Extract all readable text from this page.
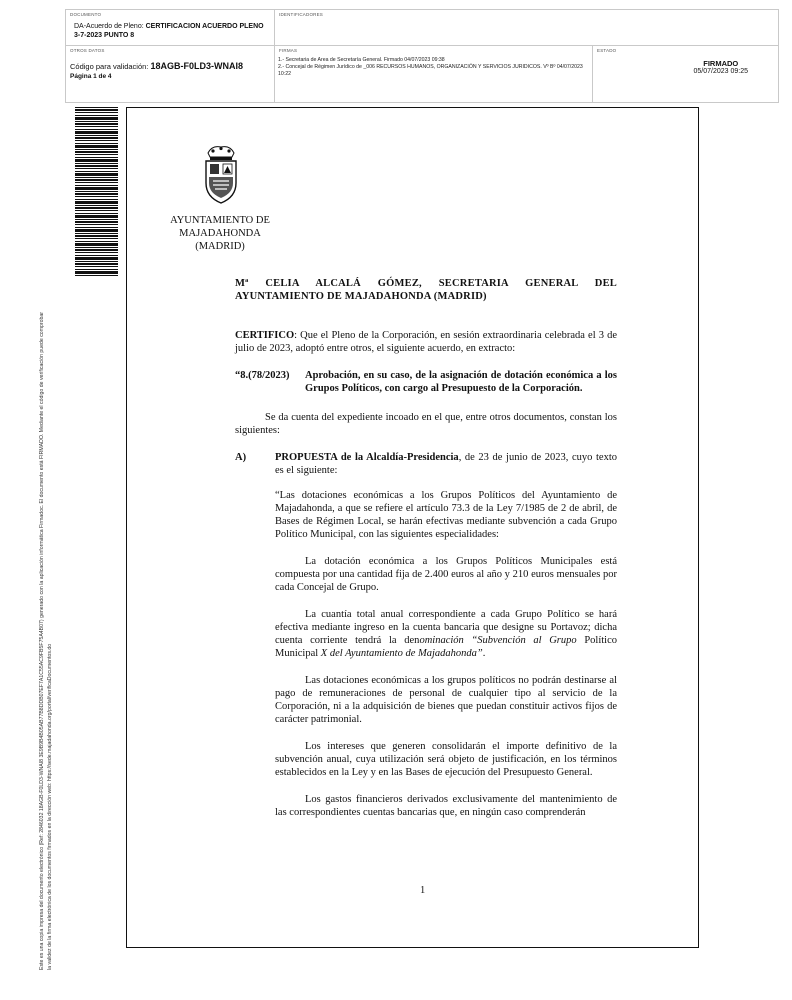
DOCUMENTO
DA-Acuerdo de Pleno: CERTIFICACION ACUERDO PLENO 3-7-2023 PUNTO 8
IDENTIFICADORES
OTROS DATOS
Código para validación: 18AGB-F0LD3-WNAI8
Página 1 de 4
FIRMAS
1.- Secretaria de Area de Secretaría General. Firmado 04/07/2023 09:38
2.- Concejal de Régimen Jurídico de _006 RECURSOS HUMANOS, ORGANIZACIÓN Y SERVICIOS JURIDICOS. Vº Bº 04/07/2023 10:22
ESTADO
FIRMADO
05/07/2023 09:25
Este es una copia impresa del documento electrónico (Ref: 2846032 18AGB-F0LD3-WNAI8 3E9B9B4B05AB77B8DDB07EF7A1C55AC9FB5F75A4B07) generado con la aplicación informática Firmadoc. El documento está FIRMADO. Mediante el código de verificación puede comprobar la validez de la firma electrónica de los documentos firmados en la dirección web: https://sede.majadahonda.org/portal/verificaDocumentos.do
AYUNTAMIENTO DE
MAJADAHONDA
(MADRID)

Mª CELIA ALCALÁ GÓMEZ, SECRETARIA GENERAL DEL AYUNTAMIENTO DE MAJADAHONDA (MADRID)

CERTIFICO: Que el Pleno de la Corporación, en sesión extraordinaria celebrada el 3 de julio de 2023, adoptó entre otros, el siguiente acuerdo, en extracto:

“8.(78/2023)	Aprobación, en su caso, de la asignación de dotación económica a los Grupos Políticos, con cargo al Presupuesto de la Corporación.

Se da cuenta del expediente incoado en el que, entre otros documentos, constan los siguientes:

A)	PROPUESTA de la Alcaldía-Presidencia, de 23 de junio de 2023, cuyo texto es el siguiente:

“Las dotaciones económicas a los Grupos Políticos del Ayuntamiento de Majadahonda, a que se refiere el artículo 73.3 de la Ley 7/1985 de 2 de abril, de Bases de Régimen Local, se harán efectivas mediante subvención a cada Grupo Político Municipal, con las siguientes especialidades:

La dotación económica a los Grupos Políticos Municipales está compuesta por una cantidad fija de 2.400 euros al año y 210 euros mensuales por cada Concejal de Grupo.

La cuantía total anual correspondiente a cada Grupo Político se hará efectiva mediante ingreso en la cuenta bancaria que designe su Portavoz; dicha cuenta corriente tendrá la denominación “Subvención al Grupo Político Municipal X del Ayuntamiento de Majadahonda”.

Las dotaciones económicas a los grupos políticos no podrán destinarse al pago de remuneraciones de personal de cualquier tipo al servicio de la Corporación, ni a la adquisición de bienes que puedan constituir activos fijos de carácter patrimonial.

Los intereses que generen consolidarán el importe definitivo de la subvención anual, cuya utilización será objeto de justificación, en los términos establecidos en la Ley y en las Bases de ejecución del Presupuesto General.

Los gastos financieros derivados exclusivamente del mantenimiento de las correspondientes cuentas bancarias que, en ningún caso comprenderán

1
